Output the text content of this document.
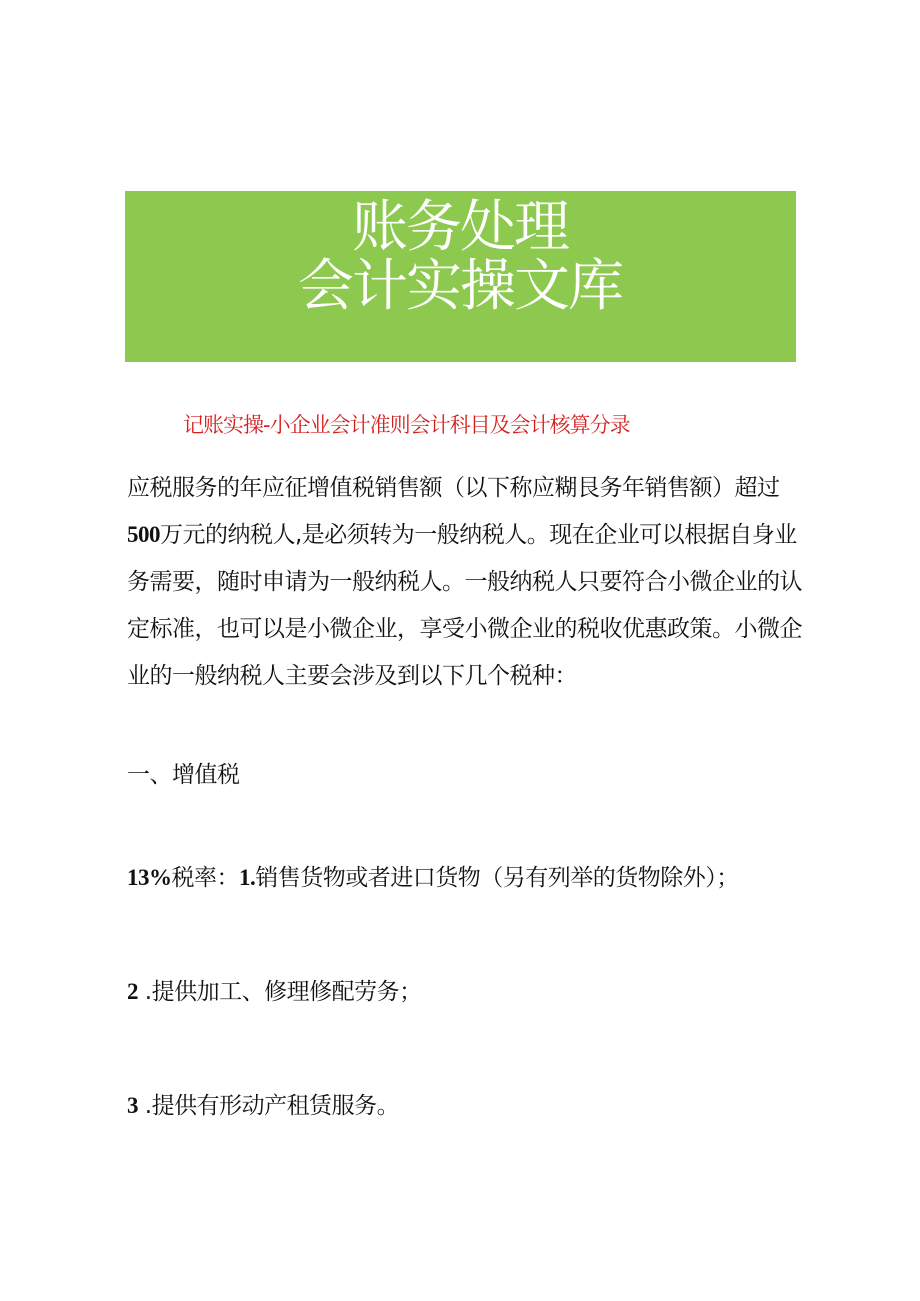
账务处理
会计实操文库
记账实操-小企业会计准则会计科目及会计核算分录
应税服务的年应征增值税销售额（以下称应糊艮务年销售额）超过
500万元的纳税人,是必须转为一般纳税人。现在企业可以根据自身业
务需要，随时申请为一般纳税人。一般纳税人只要符合小微企业的认
定标准，也可以是小微企业，享受小微企业的税收优惠政策。小微企
业的一般纳税人主要会涉及到以下几个税种：
一、增值税
13%税率：1.销售货物或者进口货物（另有列举的货物除外）；
2 .提供加工、修理修配劳务；
3 .提供有形动产租赁服务。
